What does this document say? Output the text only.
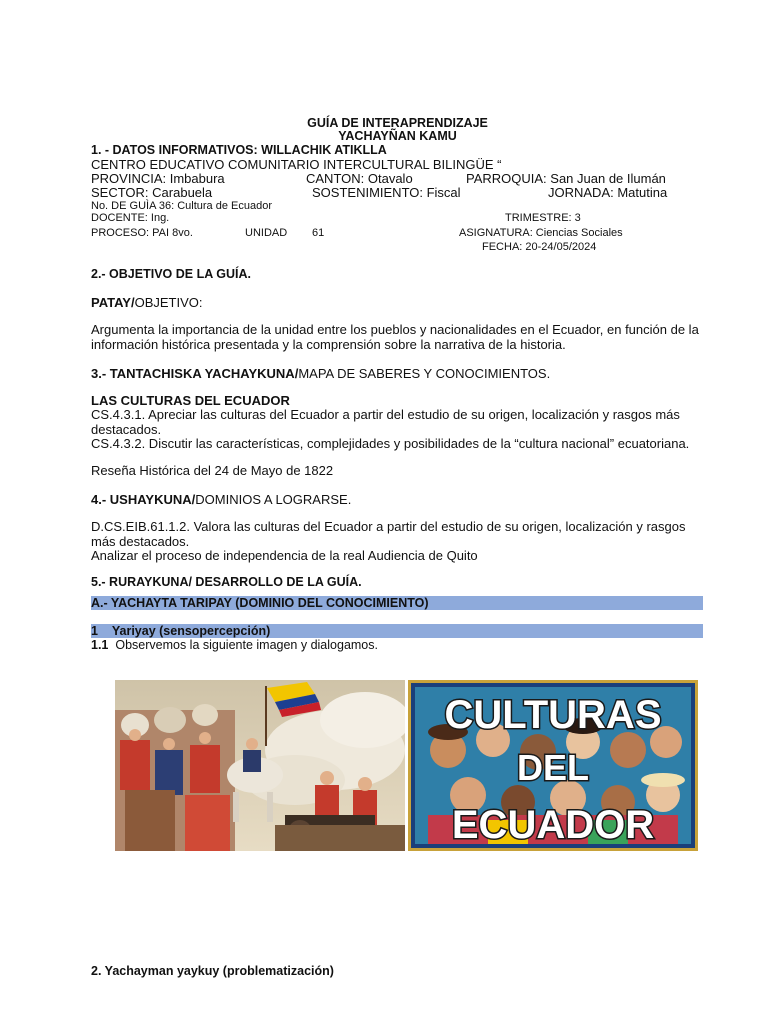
GUÍA DE INTERAPRENDIZAJE
YACHAYÑAN KAMU
1. - DATOS INFORMATIVOS: WILLACHIK ATIKLLA
CENTRO EDUCATIVO COMUNITARIO INTERCULTURAL BILINGÜE “
PROVINCIA: Imbabura	CANTON: Otavalo	PARROQUIA: San Juan de Ilumán
SECTOR: Carabuela	SOSTENIMIENTO: Fiscal	JORNADA: Matutina
No. DE GUÌA 36: Cultura de Ecuador
DOCENTE: Ing.	TRIMESTRE: 3
PROCESO: PAI 8vo.	UNIDAD 61	ASIGNATURA: Ciencias Sociales
FECHA: 20-24/05/2024
2.- OBJETIVO DE LA GUÍA.
PATAY/OBJETIVO:
Argumenta la importancia de la unidad entre los pueblos y nacionalidades en el Ecuador, en función de la información histórica presentada y la comprensión sobre la narrativa de la historia.
3.- TANTACHISKA YACHAYKUNA/MAPA DE SABERES Y CONOCIMIENTOS.
LAS CULTURAS DEL ECUADOR
CS.4.3.1. Apreciar las culturas del Ecuador a partir del estudio de su origen, localización y rasgos más destacados.
CS.4.3.2. Discutir las características, complejidades y posibilidades de la “cultura nacional” ecuatoriana.
Reseña Histórica del 24 de Mayo de 1822
4.- USHAYKUNA/DOMINIOS A LOGRARSE.
D.CS.EIB.61.1.2. Valora las culturas del Ecuador a partir del estudio de su origen, localización y rasgos más destacados.
Analizar el proceso de independencia de la real Audiencia de Quito
5.- RURAYKUNA/ DESARROLLO DE LA GUÍA.
A.- YACHAYTA TARIPAY (DOMINIO DEL CONOCIMIENTO)
1 Yariyay (sensopercepción)
1.1 Observemos la siguiente imagen y dialogamos.
2. Yachayman yaykuy (problematización)
CULTURAS
DEL
ECUADOR
